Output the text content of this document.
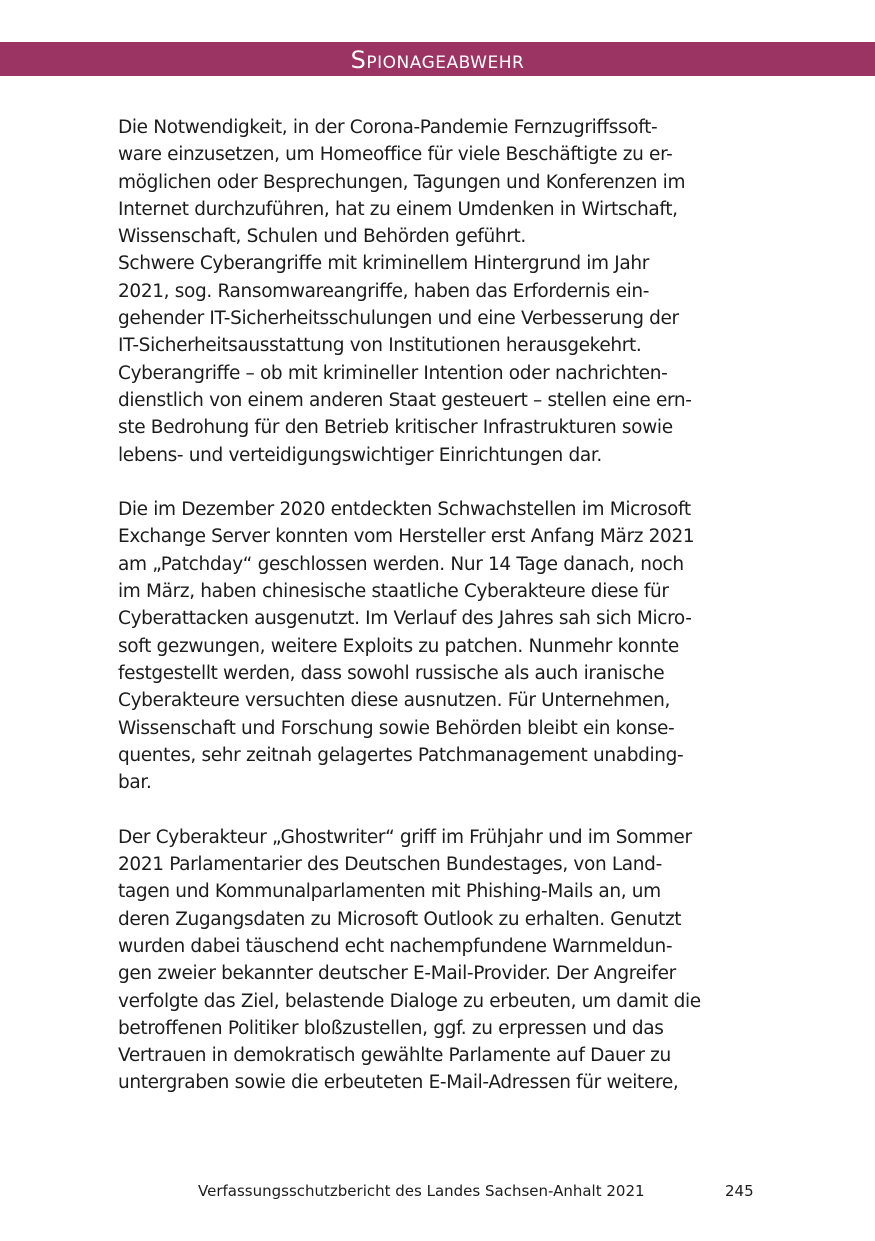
Spionageabwehr
Die Notwendigkeit, in der Corona-Pandemie Fernzugriffssoft-
ware einzusetzen, um Homeoffice für viele Beschäftigte zu er-
möglichen oder Besprechungen, Tagungen und Konferenzen im
Internet durchzuführen, hat zu einem Umdenken in Wirtschaft,
Wissenschaft, Schulen und Behörden geführt.
Schwere Cyberangriffe mit kriminellem Hintergrund im Jahr
2021, sog. Ransomwareangriffe, haben das Erfordernis ein-
gehender IT-Sicherheitsschulungen und eine Verbesserung der
IT-Sicherheitsausstattung von Institutionen herausgekehrt.
Cyberangriffe – ob mit krimineller Intention oder nachrichten-
dienstlich von einem anderen Staat gesteuert – stellen eine ern-
ste Bedrohung für den Betrieb kritischer Infrastrukturen sowie
lebens- und verteidigungswichtiger Einrichtungen dar.
Die im Dezember 2020 entdeckten Schwachstellen im Microsoft
Exchange Server konnten vom Hersteller erst Anfang März 2021
am „Patchday“ geschlossen werden. Nur 14 Tage danach, noch
im März, haben chinesische staatliche Cyberakteure diese für
Cyberattacken ausgenutzt. Im Verlauf des Jahres sah sich Micro-
soft gezwungen, weitere Exploits zu patchen. Nunmehr konnte
festgestellt werden, dass sowohl russische als auch iranische
Cyberakteure versuchten diese ausnutzen. Für Unternehmen,
Wissenschaft und Forschung sowie Behörden bleibt ein konse-
quentes, sehr zeitnah gelagertes Patchmanagement unabding-
bar.
Der Cyberakteur „Ghostwriter“ griff im Frühjahr und im Sommer
2021 Parlamentarier des Deutschen Bundestages, von Land-
tagen und Kommunalparlamenten mit Phishing-Mails an, um
deren Zugangsdaten zu Microsoft Outlook zu erhalten. Genutzt
wurden dabei täuschend echt nachempfundene Warnmeldun-
gen zweier bekannter deutscher E-Mail-Provider. Der Angreifer
verfolgte das Ziel, belastende Dialoge zu erbeuten, um damit die
betroffenen Politiker bloßzustellen, ggf. zu erpressen und das
Vertrauen in demokratisch gewählte Parlamente auf Dauer zu
untergraben sowie die erbeuteten E-Mail-Adressen für weitere,
Verfassungsschutzbericht des Landes Sachsen-Anhalt 2021	245
